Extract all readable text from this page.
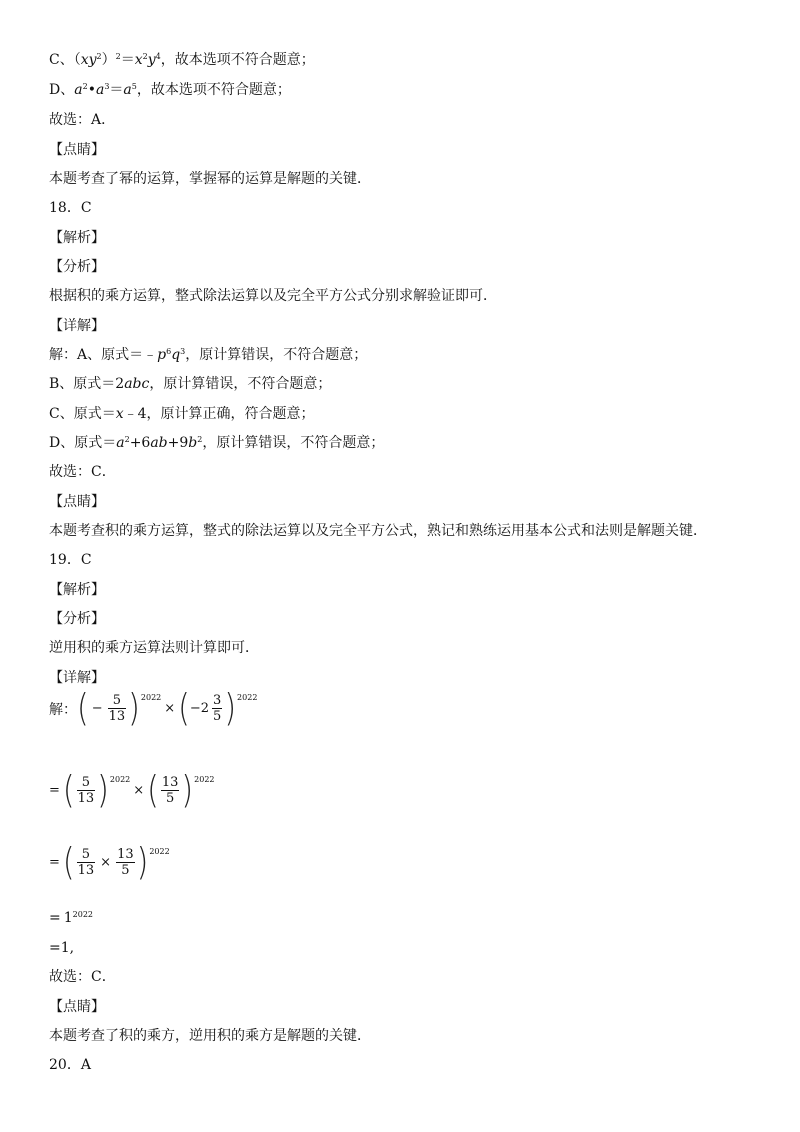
C、$(xy^2)^2=x^2y^4$，故本选项不符合题意；
D、$a^2•a^3=a^5$，故本选项不符合题意；
故选：A．
【点睛】
本题考查了幂的运算，掌握幂的运算是解题的关键．
18．C
【解析】
【分析】
根据积的乘方运算，整式除法运算以及完全平方公式分别求解验证即可．
【详解】
解：A、原式$=﹣p^6q^3$，原计算错误，不符合题意；
B、原式＝2abc，原计算错误，不符合题意；
C、原式＝x﹣4，原计算正确，符合题意；
D、原式$=a^2+6ab+9b^2$，原计算错误，不符合题意；
故选：C．
【点睛】
本题考查积的乘方运算，整式的除法运算以及完全平方公式，熟记和熟练运用基本公式和法则是解题关键．
19．C
【解析】
【分析】
逆用积的乘方运算法则计算即可．
【详解】
解： ( − $\frac{5}{13}$ ) 2022
× ( $-2 \frac{3}{5}$ ) 2022
= ( $\frac{5}{13}$ ) 2022
× ( $\frac{13}{5}$ ) 2022
= ( $\frac{5}{13} \times \frac{13}{5}$ ) 2022
= $1^{2022}$
=1,
故选：C．
【点睛】
本题考查了积的乘方，逆用积的乘方是解题的关键．
20．A
